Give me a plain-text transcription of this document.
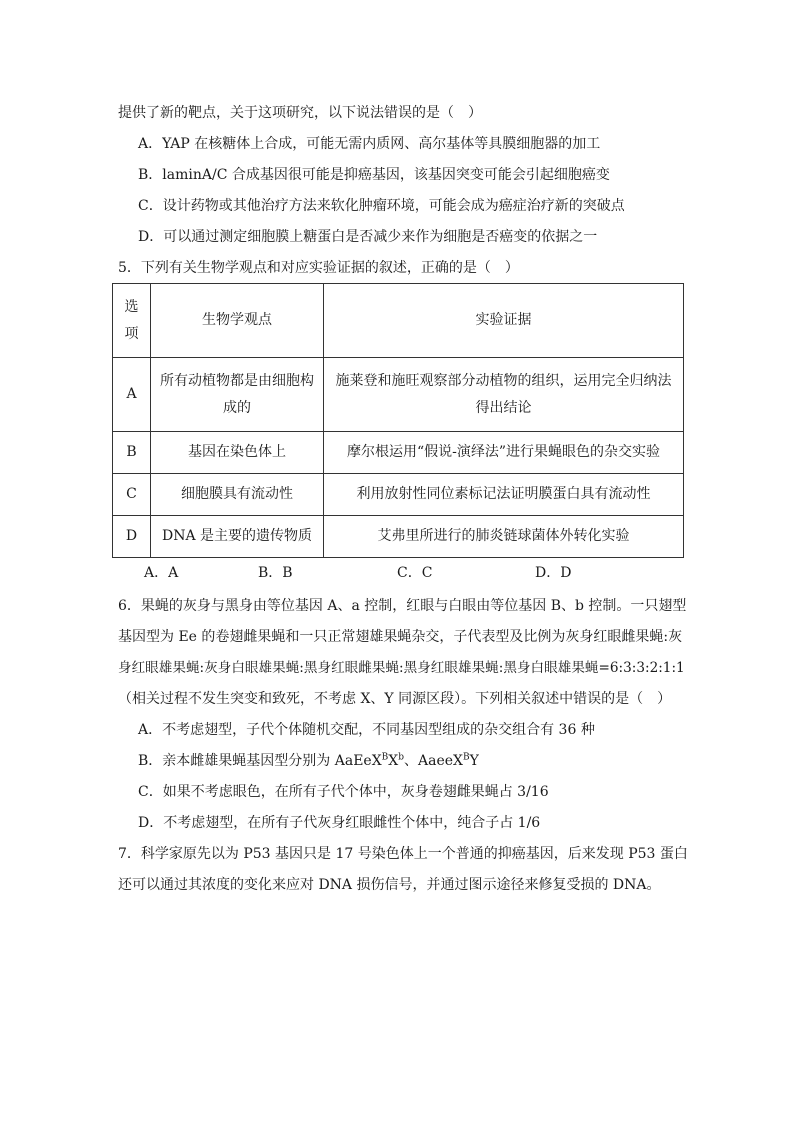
提供了新的靶点，关于这项研究，以下说法错误的是（　）
A．YAP 在核糖体上合成，可能无需内质网、高尔基体等具膜细胞器的加工
B．laminA/C 合成基因很可能是抑癌基因，该基因突变可能会引起细胞癌变
C．设计药物或其他治疗方法来软化肿瘤环境，可能会成为癌症治疗新的突破点
D．可以通过测定细胞膜上糖蛋白是否减少来作为细胞是否癌变的依据之一
5．下列有关生物学观点和对应实验证据的叙述，正确的是（　）
选项	生物学观点	实验证据
A	所有动植物都是由细胞构成的	施莱登和施旺观察部分动植物的组织，运用完全归纳法得出结论

B	基因在染色体上	摩尔根运用“假说-演绎法”进行果蝇眼色的杂交实验
C	细胞膜具有流动性	利用放射性同位素标记法证明膜蛋白具有流动性
D	DNA 是主要的遗传物质	艾弗里所进行的肺炎链球菌体外转化实验
A．A	B．B	C．C	D．D
6．果蝇的灰身与黑身由等位基因 A、a 控制，红眼与白眼由等位基因 B、b 控制。一只翅型
基因型为 Ee 的卷翅雌果蝇和一只正常翅雄果蝇杂交，子代表型及比例为灰身红眼雌果蝇:灰
身红眼雄果蝇:灰身白眼雄果蝇:黑身红眼雌果蝇:黑身红眼雄果蝇:黑身白眼雄果蝇=6:3:3:2:1:1
（相关过程不发生突变和致死，不考虑 X、Y 同源区段）。下列相关叙述中错误的是（　）
A．不考虑翅型，子代个体随机交配，不同基因型组成的杂交组合有 36 种
B．亲本雌雄果蝇基因型分别为 $AaEeX^BX^b$、AaeeX$^B$Y
C．如果不考虑眼色，在所有子代个体中，灰身卷翅雌果蝇占 3/16
D．不考虑翅型，在所有子代灰身红眼雌性个体中，纯合子占 1/6
7．科学家原先以为 P53 基因只是 17 号染色体上一个普通的抑癌基因，后来发现 P53 蛋白
还可以通过其浓度的变化来应对 DNA 损伤信号，并通过图示途径来修复受损的 DNA。
